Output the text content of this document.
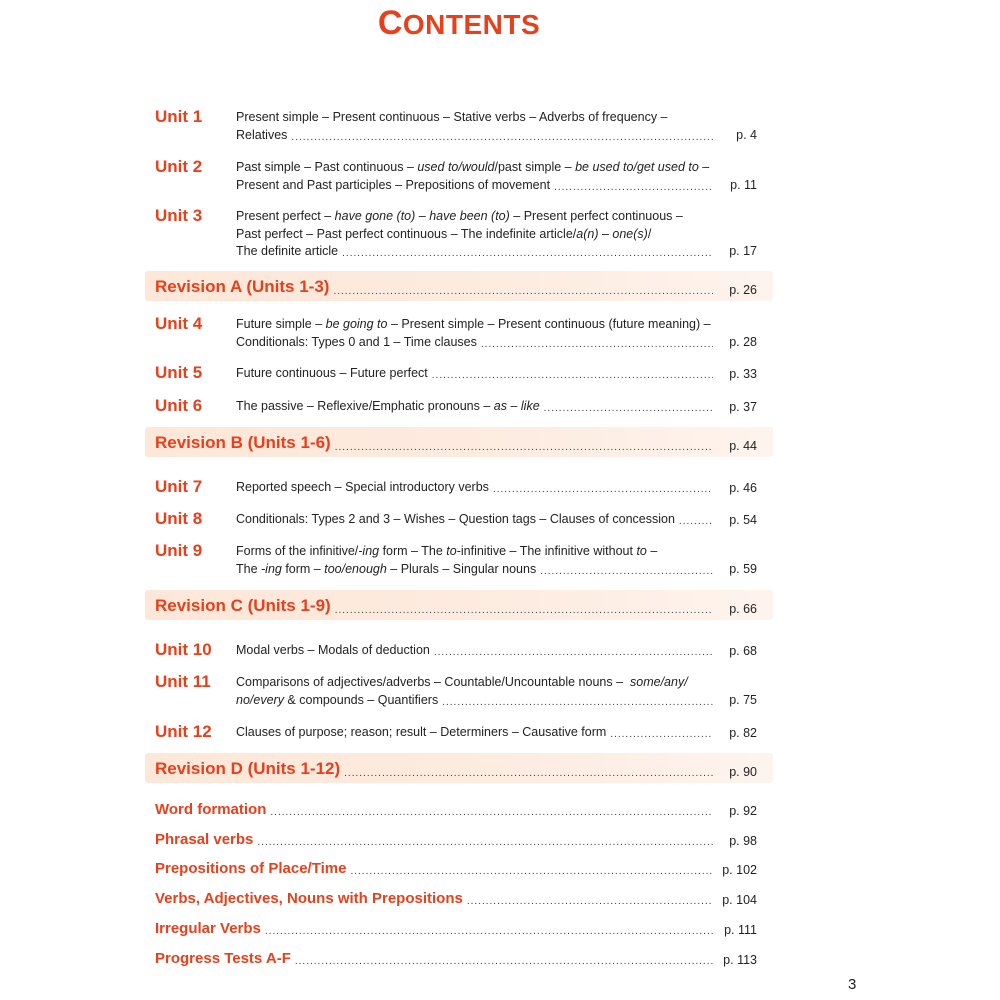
CONTENTS
Unit 1	Present simple – Present continuous – Stative verbs – Adverbs of frequency –
Relatives .....	p. 4
Unit 2	Past simple – Past continuous – used to/would/past simple – be used to/get used to –
Present and Past participles – Prepositions of movement .....	p. 11
Unit 3	Present perfect – have gone (to) – have been (to) – Present perfect continuous –
Past perfect – Past perfect continuous – The indefinite article/a(n) – one(s)/
The definite article .....	p. 17
Revision A (Units 1-3) .....	p. 26
Unit 4	Future simple – be going to – Present simple – Present continuous (future meaning) –
Conditionals: Types 0 and 1 – Time clauses .....	p. 28
Unit 5	Future continuous – Future perfect .....	p. 33
Unit 6	The passive – Reflexive/Emphatic pronouns – as – like .....	p. 37
Revision B (Units 1-6) .....	p. 44
Unit 7	Reported speech – Special introductory verbs .....	p. 46
Unit 8	Conditionals: Types 2 and 3 – Wishes – Question tags – Clauses of concession .....	p. 54
Unit 9	Forms of the infinitive/-ing form – The to-infinitive – The infinitive without to –
The -ing form – too/enough – Plurals – Singular nouns .....	p. 59
Revision C (Units 1-9) .....	p. 66
Unit 10 Modal verbs – Modals of deduction .....	p. 68
Unit 11 Comparisons of adjectives/adverbs – Countable/Uncountable nouns –  some/any/
no/every & compounds – Quantifiers .....	p. 75
Unit 12 Clauses of purpose; reason; result – Determiners – Causative form .....	p. 82
Revision D (Units 1-12) .....	p. 90
Word formation .....	p. 92
Phrasal verbs .....	p. 98
Prepositions of Place/Time .....	p. 102
Verbs, Adjectives, Nouns with Prepositions .....	p. 104
Irregular Verbs .....	p. 111
Progress Tests A-F .....	p. 113
3
